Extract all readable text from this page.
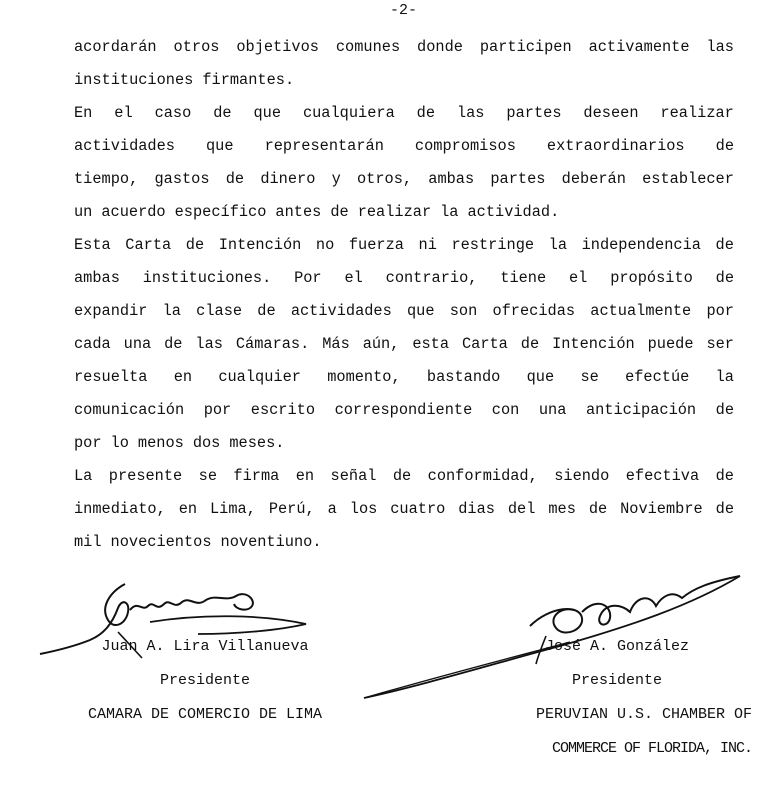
-2-
acordarán otros objetivos comunes donde participen activamente las
instituciones firmantes.
En el caso de que cualquiera de las partes deseen realizar
actividades que representarán compromisos extraordinarios de
tiempo, gastos de dinero y otros, ambas partes deberán establecer
un acuerdo específico antes de realizar la actividad.
Esta Carta de Intención no fuerza ni restringe la independencia de
ambas instituciones. Por el contrario, tiene el propósito de
expandir la clase de actividades que son ofrecidas actualmente por
cada una de las Cámaras. Más aún, esta Carta de Intención puede ser
resuelta en cualquier momento, bastando que se efectúe la
comunicación por escrito correspondiente con una anticipación de
por lo menos dos meses.
La presente se firma en señal de conformidad, siendo efectiva de
inmediato, en Lima, Perú, a los cuatro dias del mes de Noviembre de
mil novecientos noventiuno.
Juan A. Lira Villanueva
Presidente
CAMARA DE COMERCIO DE LIMA
José A. González
Presidente
PERUVIAN U.S. CHAMBER OF
COMMERCE OF FLORIDA, INC.
